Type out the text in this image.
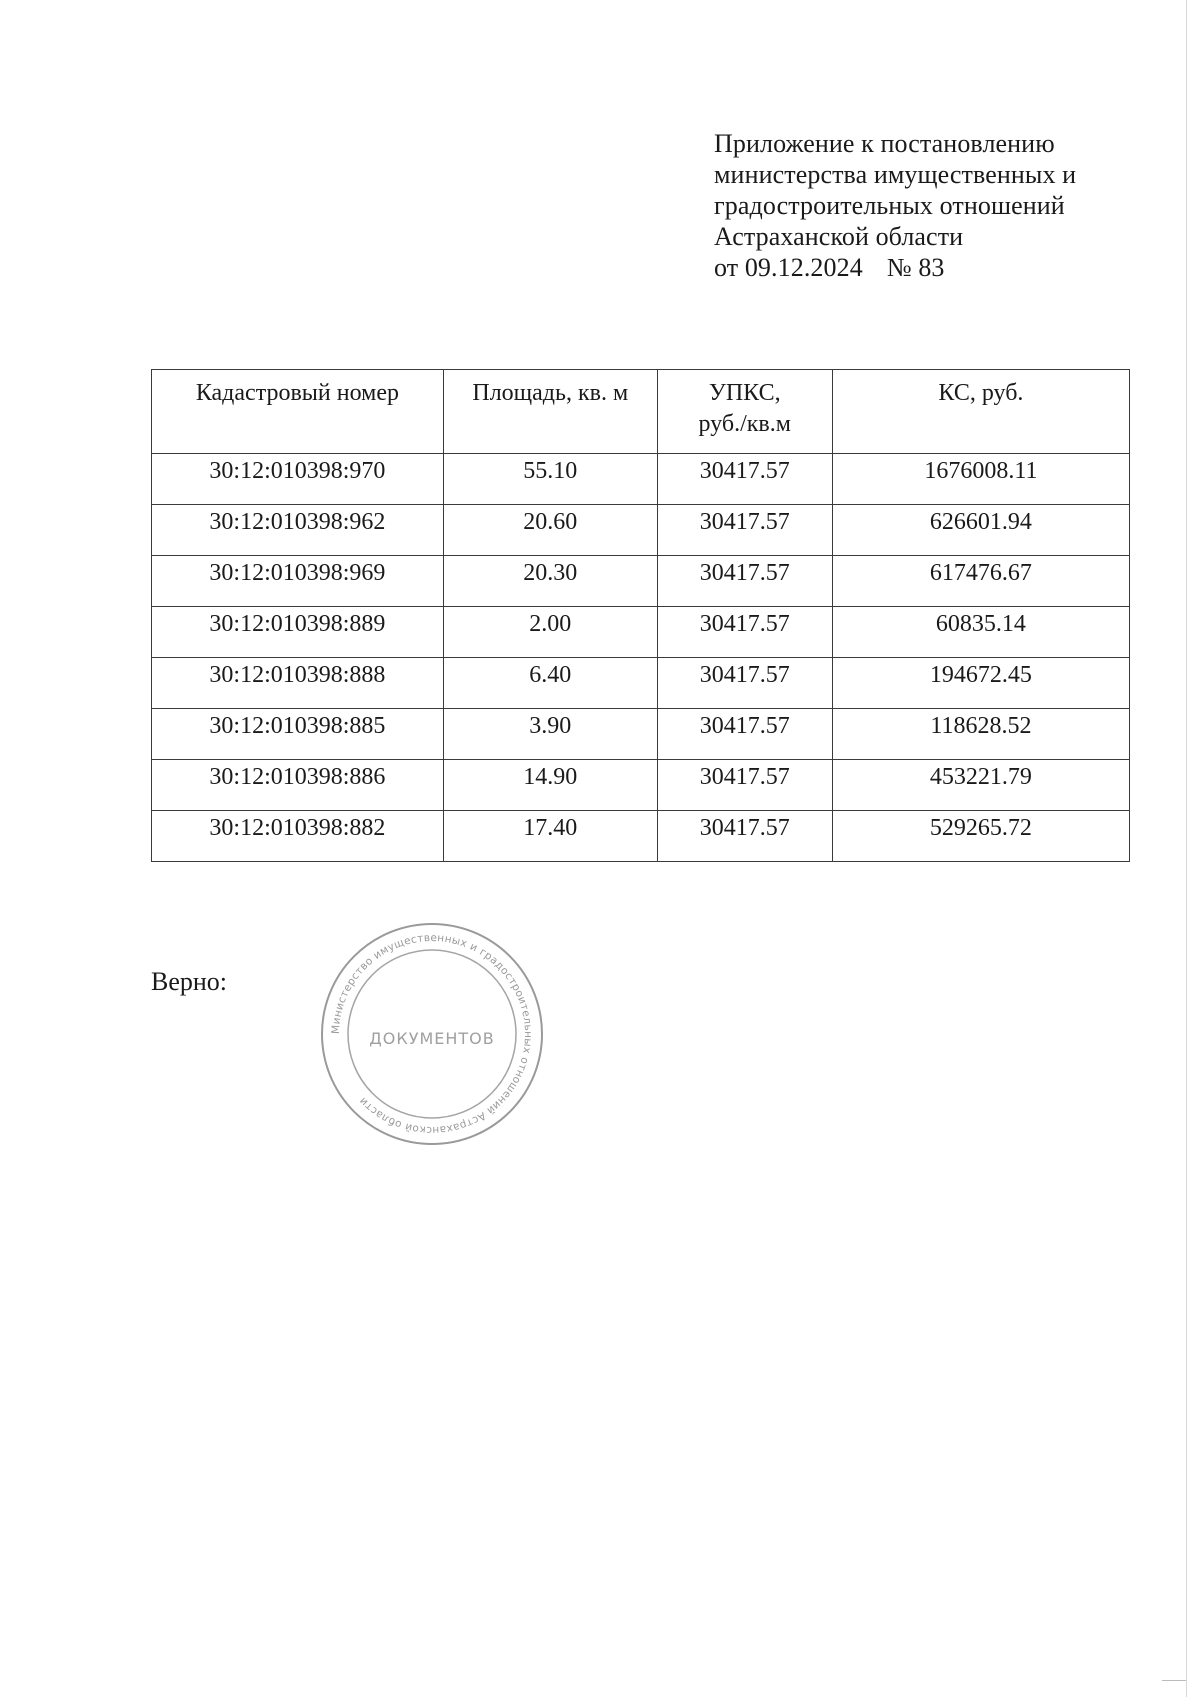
Приложение к постановлению
министерства имущественных и
градостроительных отношений
Астраханской области
от 09.12.2024 № 83
Кадастровый номер	Площадь, кв. м	УПКС,
руб./кв.м	КС, руб.
30:12:010398:970	55.10	30417.57	1676008.11
30:12:010398:962	20.60	30417.57	626601.94
30:12:010398:969	20.30	30417.57	617476.67
30:12:010398:889	2.00	30417.57	60835.14
30:12:010398:888	6.40	30417.57	194672.45
30:12:010398:885	3.90	30417.57	118628.52
30:12:010398:886	14.90	30417.57	453221.79
30:12:010398:882	17.40	30417.57	529265.72
Верно:
Министерство имущественных и градостроительных отношений Астраханской области
ДОКУМЕНТОВ
